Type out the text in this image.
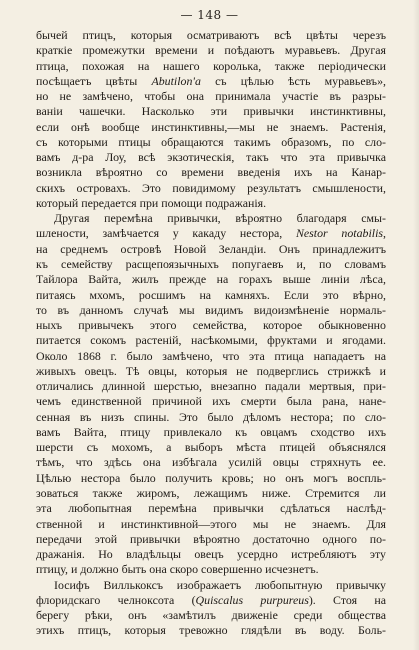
— 148 —
бычей птицъ, которыя осматриваютъ всѣ цвѣты черезъ
краткіе промежутки времени и поѣдаютъ муравьевъ. Другая
птица, похожая на нашего королька, также періодически
посѣщаетъ цвѣты Abutilon'а съ цѣлью ѣсть муравьевъ»,
но не замѣчено, чтобы она принимала участіе въ разры-
ваніи чашечки. Насколько эти привычки инстинктивны,
если онѣ вообще инстинктивны,—мы не знаемъ. Растенія,
съ которыми птицы обращаются такимъ образомъ, по сло-
вамъ д-ра Лоу, всѣ экзотическія, такъ что эта привычка
возникла вѣроятно со времени введенія ихъ на Канар-
скихъ островахъ. Это повидимому результатъ смышлености,
который передается при помощи подражанія.
Другая перемѣна привычки, вѣроятно благодаря смы-
шлености, замѣчается у какаду нестора, Nestor notabilis,
на среднемъ островѣ Новой Зеландіи. Онъ принадлежитъ
къ семейству расщепоязычныхъ попугаевъ и, по словамъ
Тайлора Вайта, жилъ прежде на горахъ выше линіи лѣса,
питаясь мхомъ, росшимъ на камняхъ. Если это вѣрно,
то въ данномъ случаѣ мы видимъ видоизмѣненіе нормаль-
ныхъ привычекъ этого семейства, которое обыкновенно
питается сокомъ растеній, насѣкомыми, фруктами и ягодами.
Около 1868 г. было замѣчено, что эта птица нападаетъ на
живыхъ овецъ. Тѣ овцы, которыя не подверглись стрижкѣ и
отличались длинной шерстью, внезапно падали мертвыя, при-
чемъ единственной причиной ихъ смерти была рана, нане-
сенная въ низъ спины. Это было дѣломъ нестора; по сло-
вамъ Вайта, птицу привлекало къ овцамъ сходство ихъ
шерсти съ мохомъ, а выборъ мѣста птицей объяснялся
тѣмъ, что здѣсь она избѣгала усилій овцы стряхнуть ее.
Цѣлью нестора было получить кровь; но онъ могъ воспль-
зоваться также жиромъ, лежащимъ ниже. Стремится ли
эта любопытная перемѣна привычки сдѣлаться наслѣд-
ственной и инстинктивной—этого мы не знаемъ. Для
передачи этой привычки вѣроятно достаточно одного по-
дражанія. Но владѣльцы овецъ усердно истребляютъ эту
птицу, и должно быть она скоро совершенно исчезнетъ.
Іосифъ Виллькоксъ изображаетъ любопытную привычку
флоридскаго челноксота (Quiscalus purpureus). Стоя на
берегу рѣки, онъ «замѣтилъ движеніе среди общества
этихъ птицъ, которыя тревожно глядѣли въ воду. Боль-
